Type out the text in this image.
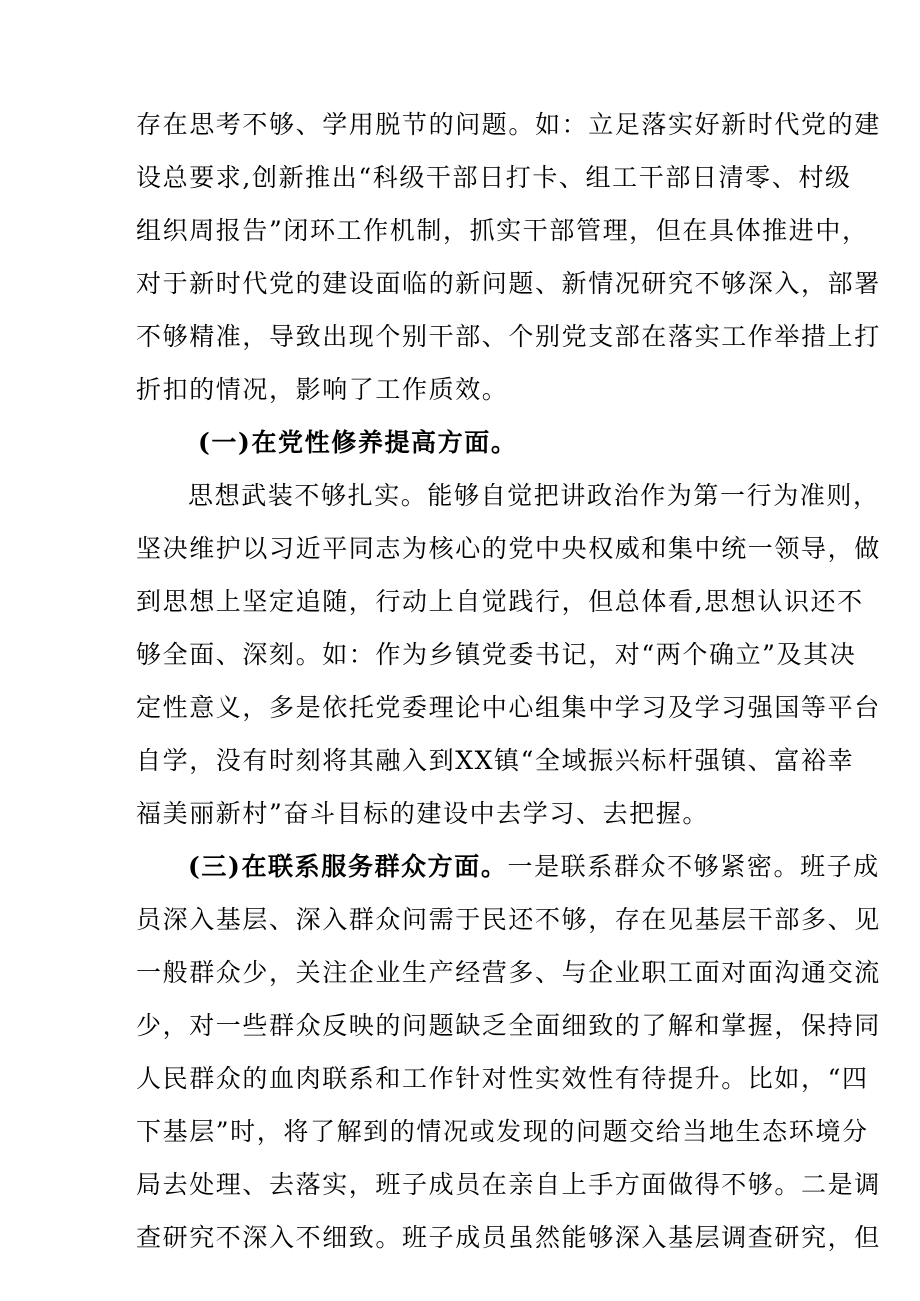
存在思考不够、学用脱节的问题。如：立足落实好新时代党的建
设总要求,创新推出“科级干部日打卡、组工干部日清零、村级
组织周报告”闭环工作机制，抓实干部管理，但在具体推进中，
对于新时代党的建设面临的新问题、新情况研究不够深入，部署
不够精准，导致出现个别干部、个别党支部在落实工作举措上打
折扣的情况，影响了工作质效。
(一)在党性修养提高方面。
思想武装不够扎实。能够自觉把讲政治作为第一行为准则，
坚决维护以习近平同志为核心的党中央权威和集中统一领导，做
到思想上坚定追随，行动上自觉践行，但总体看,思想认识还不
够全面、深刻。如：作为乡镇党委书记，对“两个确立”及其决
定性意义，多是依托党委理论中心组集中学习及学习强国等平台
自学，没有时刻将其融入到XX镇“全域振兴标杆强镇、富裕幸
福美丽新村”奋斗目标的建设中去学习、去把握。
(三)在联系服务群众方面。一是联系群众不够紧密。班子成
员深入基层、深入群众问需于民还不够，存在见基层干部多、见
一般群众少，关注企业生产经营多、与企业职工面对面沟通交流
少，对一些群众反映的问题缺乏全面细致的了解和掌握，保持同
人民群众的血肉联系和工作针对性实效性有待提升。比如，“四
下基层”时，将了解到的情况或发现的问题交给当地生态环境分
局去处理、去落实，班子成员在亲自上手方面做得不够。二是调
查研究不深入不细致。班子成员虽然能够深入基层调查研究，但
